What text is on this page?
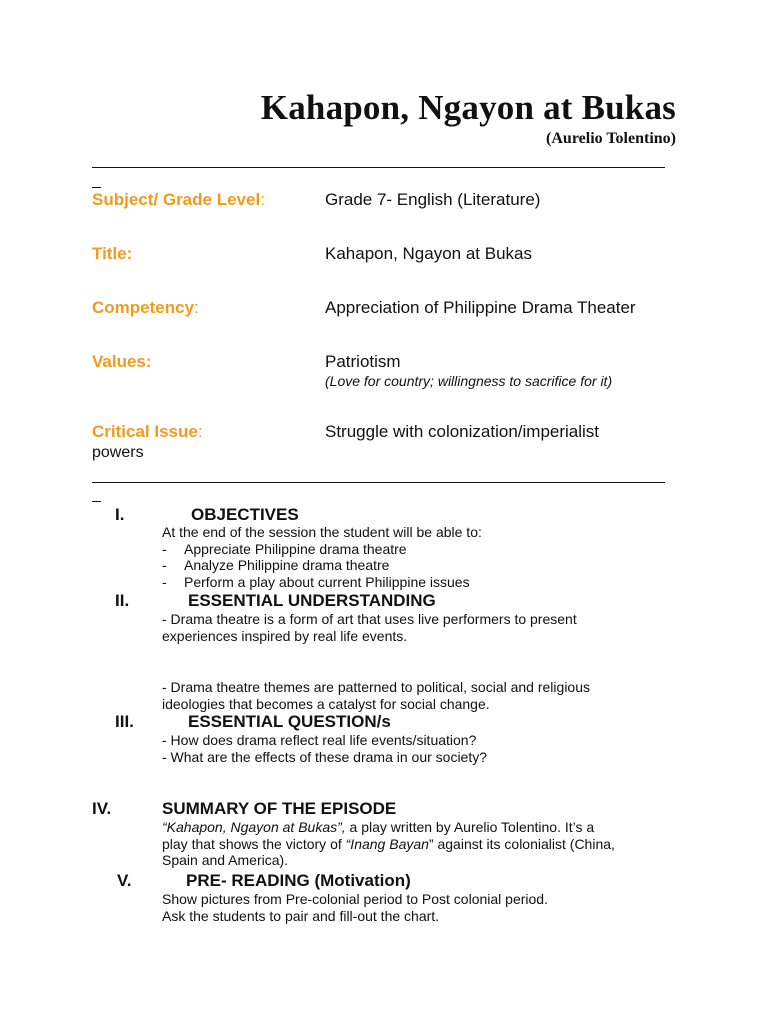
Kahapon, Ngayon at Bukas
(Aurelio Tolentino)
Subject/ Grade Level:	Grade 7- English (Literature)
Title:	Kahapon, Ngayon at Bukas
Competency:	Appreciation of Philippine Drama Theater
Values:	Patriotism
(Love for country; willingness to sacrifice for it)
Critical Issue:	Struggle with colonization/imperialist
powers
I.	OBJECTIVES
At the end of the session the student will be able to:
- Appreciate Philippine drama theatre
- Analyze Philippine drama theatre
- Perform a play about current Philippine issues
II.	ESSENTIAL UNDERSTANDING
- Drama theatre is a form of art that uses live performers to present
experiences inspired by real life events.
- Drama theatre themes are patterned to political, social and religious
ideologies that becomes a catalyst for social change.
III.	ESSENTIAL QUESTION/s
- How does drama reflect real life events/situation?
- What are the effects of these drama in our society?
IV.	SUMMARY OF THE EPISODE
“Kahapon, Ngayon at Bukas”, a play written by Aurelio Tolentino. It’s a
play that shows the victory of “Inang Bayan” against its colonialist (China,
Spain and America).
V.	PRE- READING (Motivation)
Show pictures from Pre-colonial period to Post colonial period.
Ask the students to pair and fill-out the chart.
